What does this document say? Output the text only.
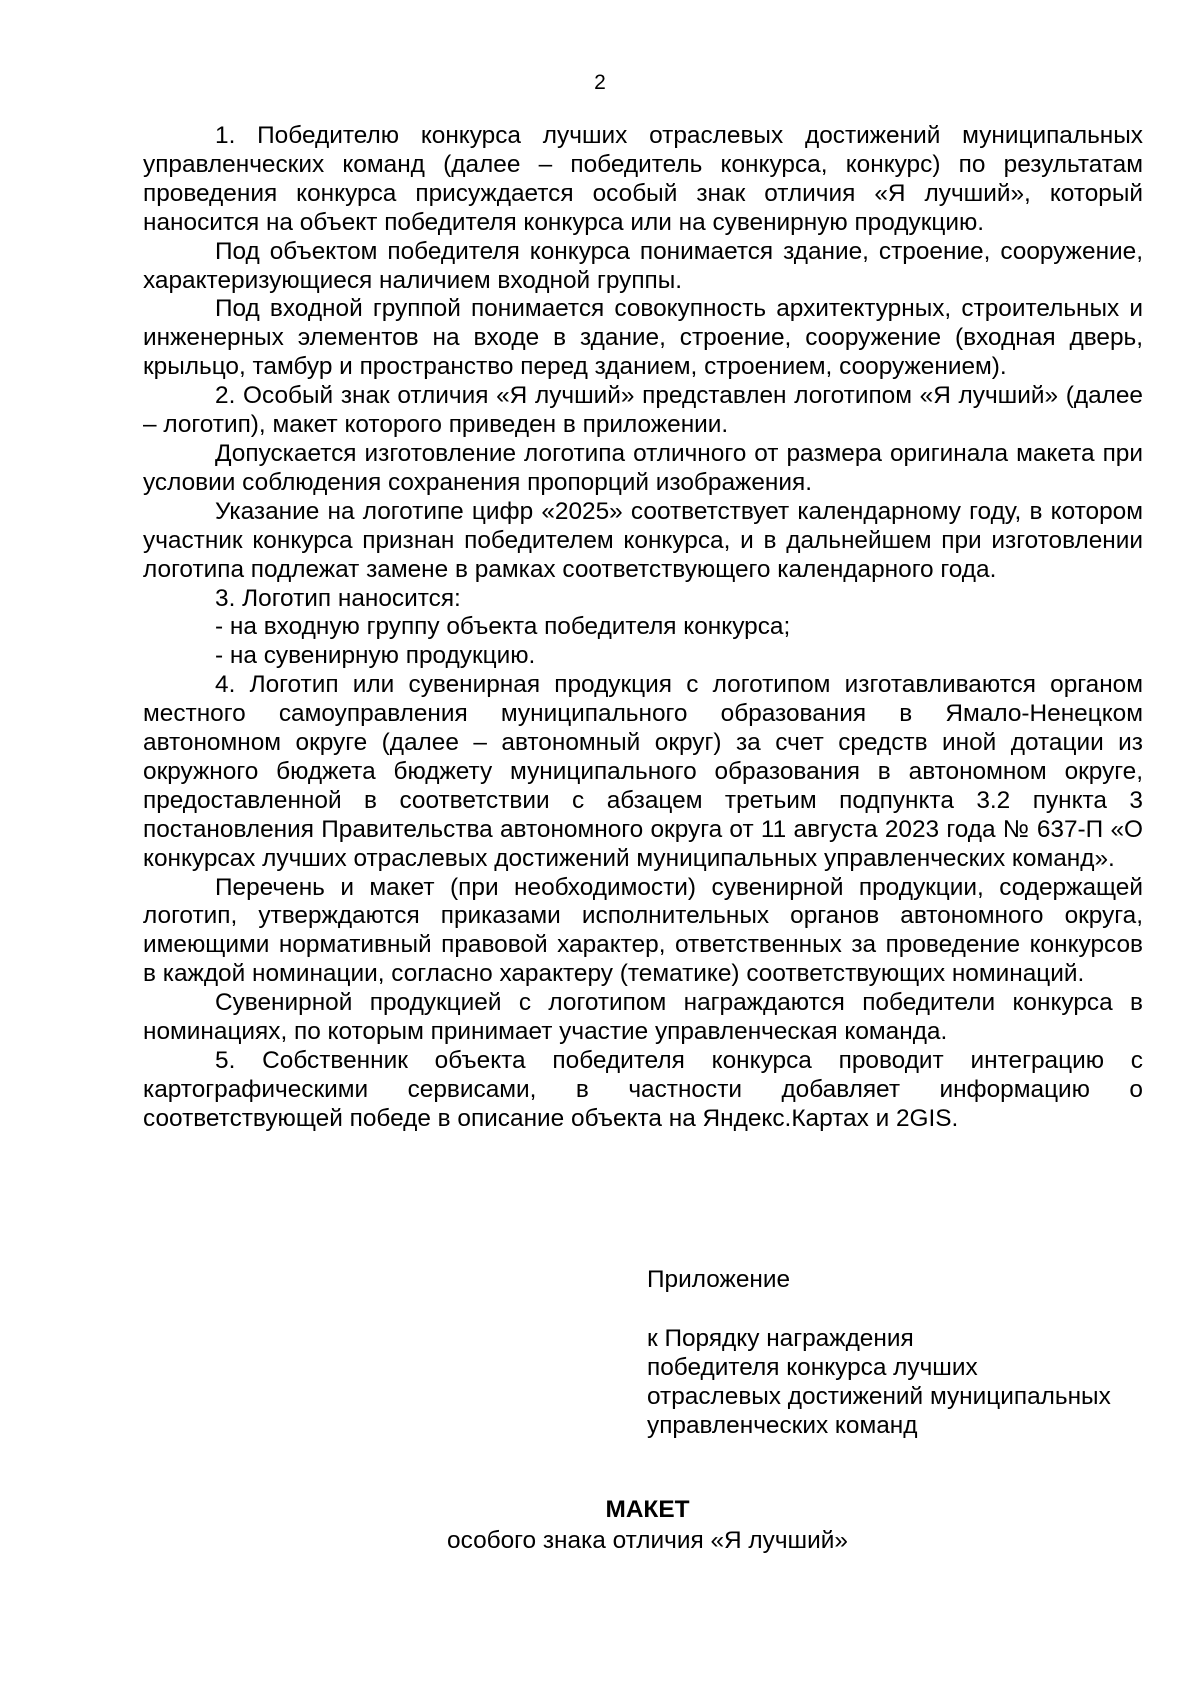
2

1. Победителю конкурса лучших отраслевых достижений муниципальных управленческих команд (далее – победитель конкурса, конкурс) по результатам проведения конкурса присуждается особый знак отличия «Я лучший», который наносится на объект победителя конкурса или на сувенирную продукцию.

Под объектом победителя конкурса понимается здание, строение, сооружение, характеризующиеся наличием входной группы.

Под входной группой понимается совокупность архитектурных, строительных и инженерных элементов на входе в здание, строение, сооружение (входная дверь, крыльцо, тамбур и пространство перед зданием, строением, сооружением).

2. Особый знак отличия «Я лучший» представлен логотипом «Я лучший» (далее – логотип), макет которого приведен в приложении.

Допускается изготовление логотипа отличного от размера оригинала макета при условии соблюдения сохранения пропорций изображения.

Указание на логотипе цифр «2025» соответствует календарному году, в котором участник конкурса признан победителем конкурса, и в дальнейшем при изготовлении логотипа подлежат замене в рамках соответствующего календарного года.

3. Логотип наносится:

- на входную группу объекта победителя конкурса;

- на сувенирную продукцию.

4. Логотип или сувенирная продукция с логотипом изготавливаются органом местного самоуправления муниципального образования в Ямало-Ненецком автономном округе (далее – автономный округ) за счет средств иной дотации из окружного бюджета бюджету муниципального образования в автономном округе, предоставленной в соответствии с абзацем третьим подпункта 3.2 пункта 3 постановления Правительства автономного округа от 11 августа 2023 года № 637-П «О конкурсах лучших отраслевых достижений муниципальных управленческих команд».

Перечень и макет (при необходимости) сувенирной продукции, содержащей логотип, утверждаются приказами исполнительных органов автономного округа, имеющими нормативный правовой характер, ответственных за проведение конкурсов в каждой номинации, согласно характеру (тематике) соответствующих номинаций.

Сувенирной продукцией с логотипом награждаются победители конкурса в номинациях, по которым принимает участие управленческая команда.

5. Собственник объекта победителя конкурса проводит интеграцию с картографическими сервисами, в частности добавляет информацию о соответствующей победе в описание объекта на Яндекс.Картах и 2GIS.

Приложение
к Порядку награждения
победителя конкурса лучших
отраслевых достижений муниципальных
управленческих команд
МАКЕТ
особого знака отличия «Я лучший»
